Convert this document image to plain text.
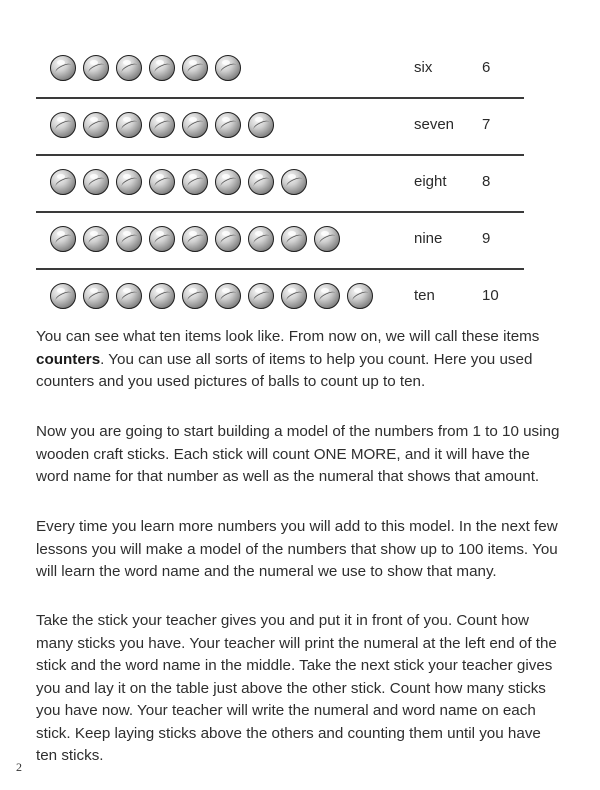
six	6
seven 7
eight 8
nine	9
ten	10

You can see what ten items look like. From now on, we will call these items counters. You can use all sorts of items to help you count. Here you used counters and you used pictures of balls to count up to ten.

Now you are going to start building a model of the numbers from 1 to 10 using wooden craft sticks. Each stick will count ONE MORE, and it will have the word name for that number as well as the numeral that shows that amount.

Every time you learn more numbers you will add to this model. In the next few lessons you will make a model of the numbers that show up to 100 items. You will learn the word name and the numeral we use to show that many.

Take the stick your teacher gives you and put it in front of you. Count how many sticks you have. Your teacher will print the numeral at the left end of the stick and the word name in the middle. Take the next stick your teacher gives you and lay it on the table just above the other stick. Count how many sticks you have now. Your teacher will write the numeral and word name on each stick. Keep laying sticks above the others and counting them until you have ten sticks.

2
